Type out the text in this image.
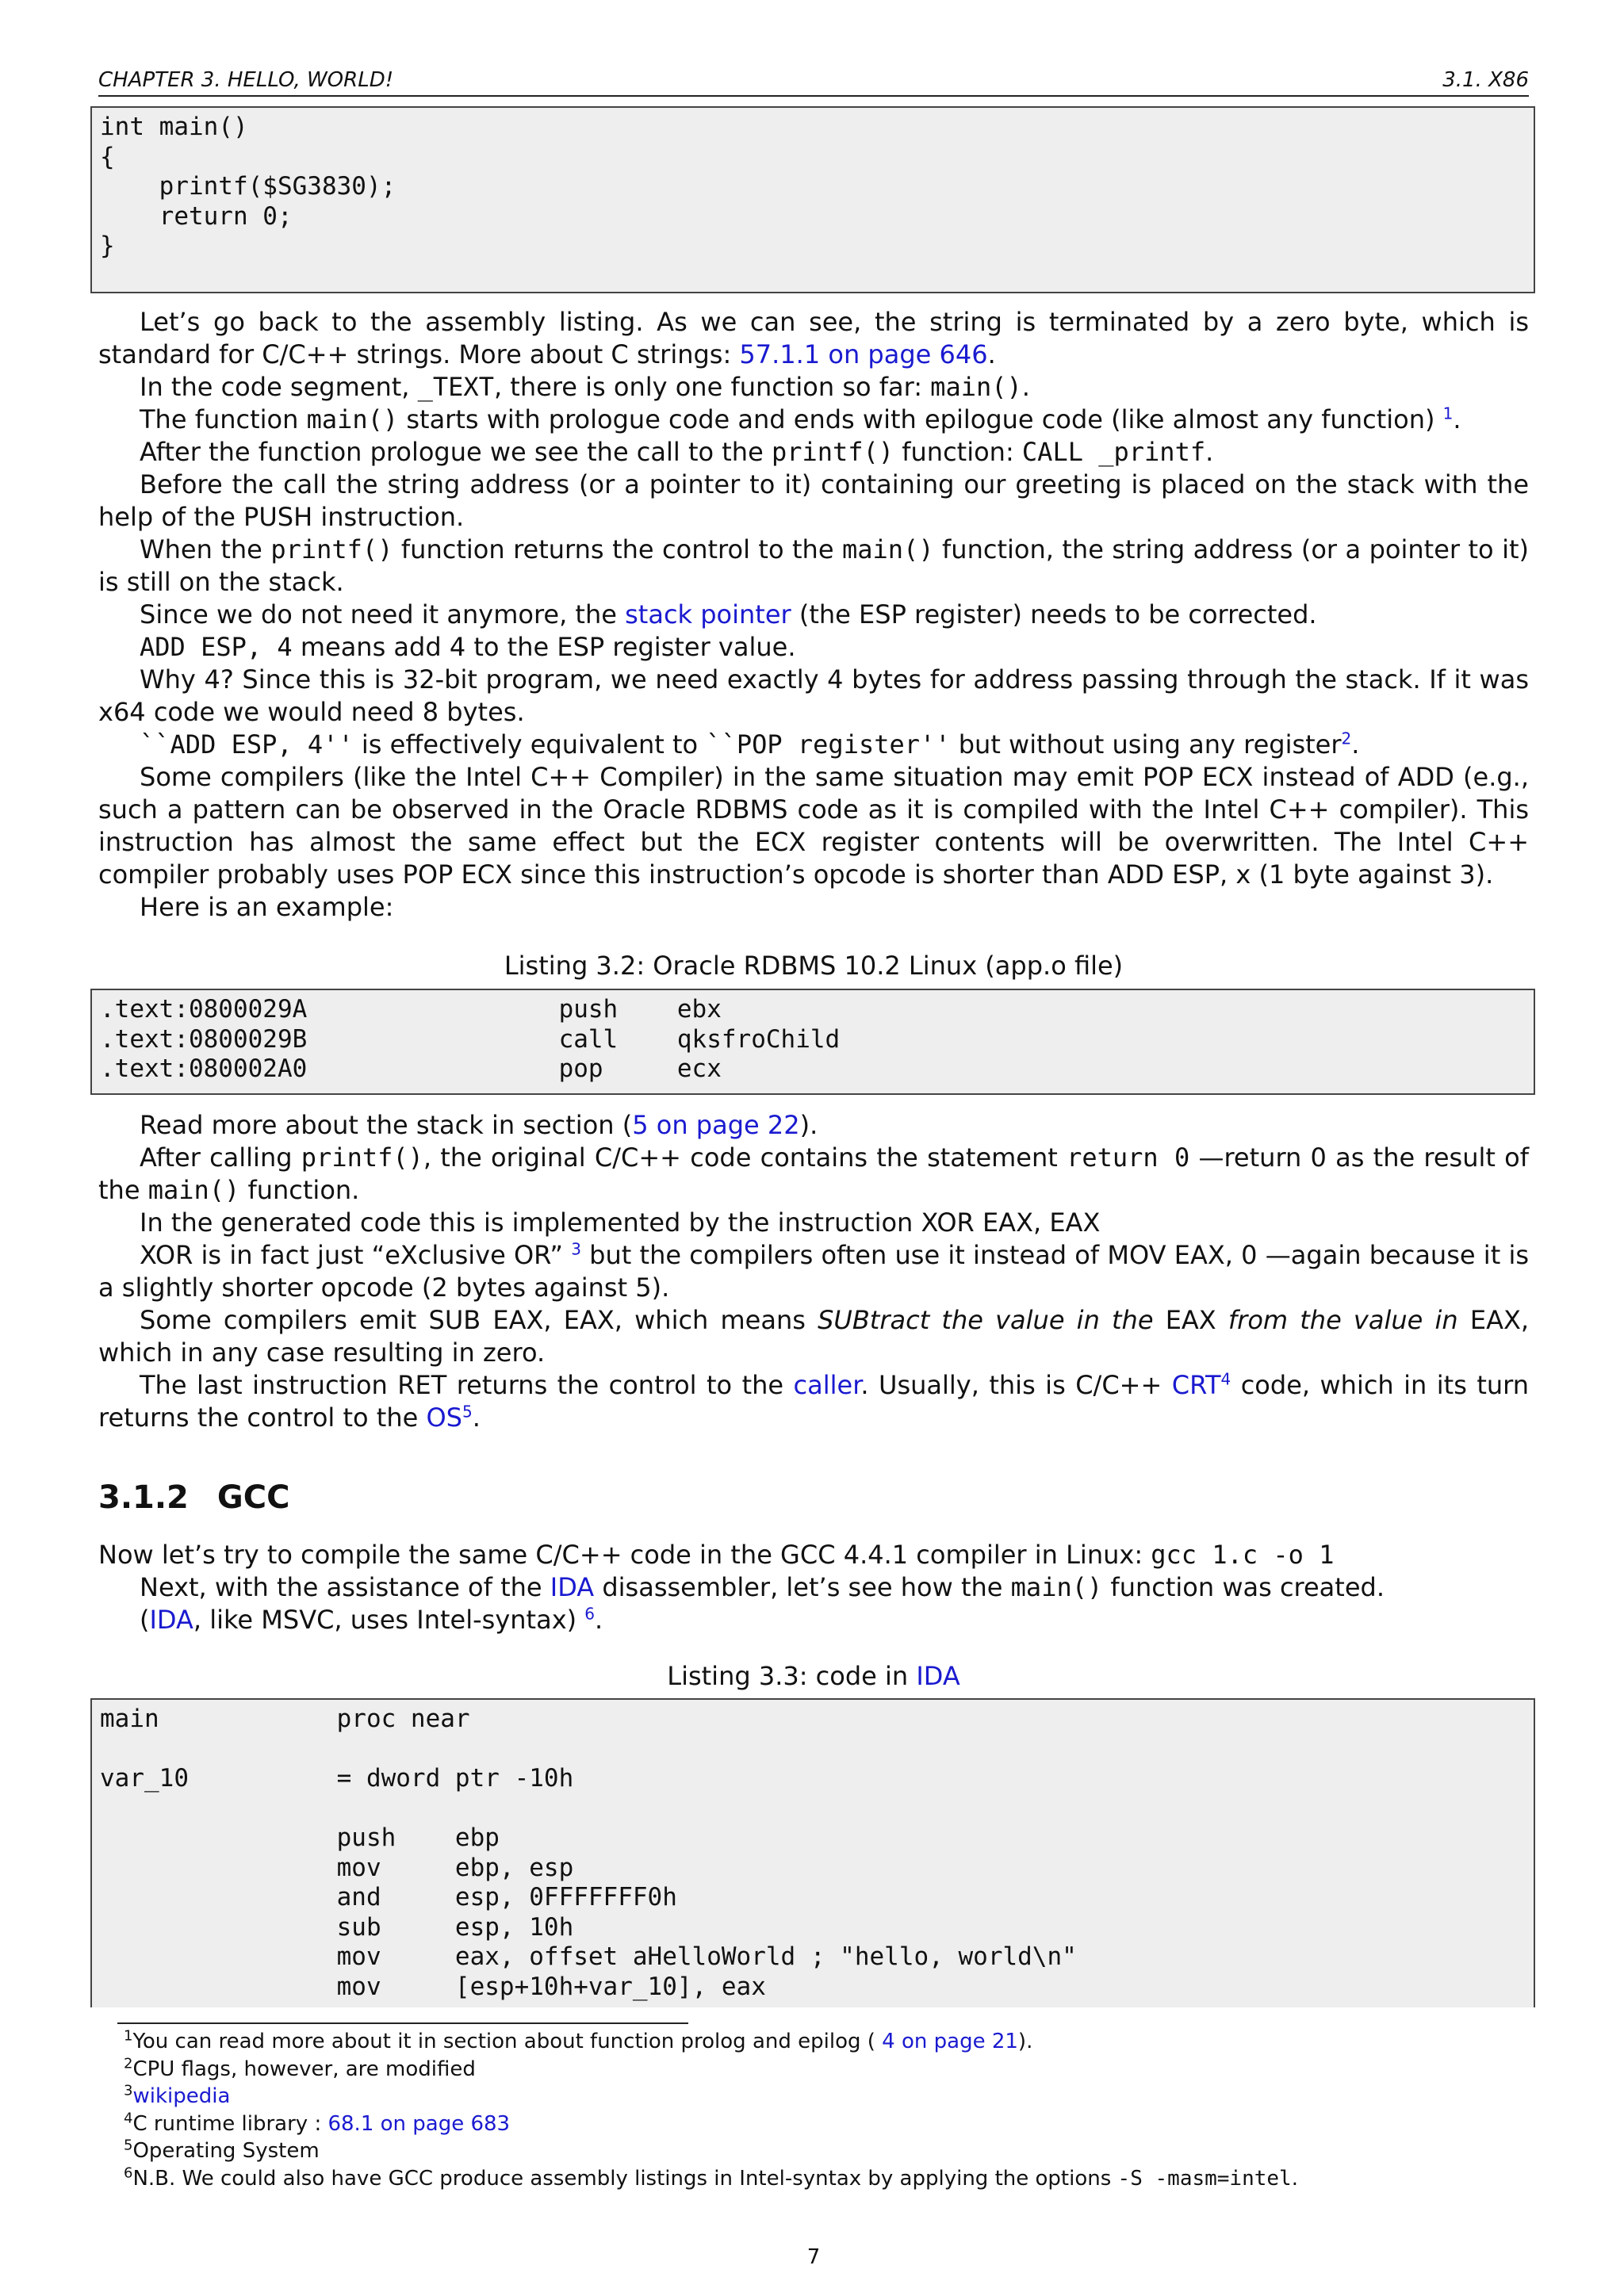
CHAPTER 3. HELLO, WORLD!	3.1. X86
int main()
{
printf($SG3830);
return 0;
}

Let’s go back to the assembly listing. As we can see, the string is terminated by a zero byte, which is standard for C/C++ strings. More about C strings: 57.1.1 on page 646.

In the code segment, _TEXT, there is only one function so far: main().

The function main() starts with prologue code and ends with epilogue code (like almost any function) $^1$.

After the function prologue we see the call to the printf() function: CALL _printf.

Before the call the string address (or a pointer to it) containing our greeting is placed on the stack with the help of the PUSH instruction.

When the printf() function returns the control to the main() function, the string address (or a pointer to it) is still on the stack.

Since we do not need it anymore, the stack pointer (the ESP register) needs to be corrected.

ADD ESP, 4 means add 4 to the ESP register value.

Why 4? Since this is 32-bit program, we need exactly 4 bytes for address passing through the stack. If it was x64 code we would need 8 bytes.

``ADD ESP, 4'' is effectively equivalent to ``POP register'' but without using any register$^2$.

Some compilers (like the Intel C++ Compiler) in the same situation may emit POP ECX instead of ADD (e.g., such a pattern can be observed in the Oracle RDBMS code as it is compiled with the Intel C++ compiler). This instruction has almost the same effect but the ECX register contents will be overwritten. The Intel C++ compiler probably uses POP ECX since this instruction’s opcode is shorter than ADD ESP, x (1 byte against 3).

Here is an example:

Listing 3.2: Oracle RDBMS 10.2 Linux (app.o file)
.text:0800029A                 push    ebx
.text:0800029B                 call    qksfroChild
.text:080002A0                 pop     ecx

Read more about the stack in section (5 on page 22).

After calling printf(), the original C/C++ code contains the statement return 0 —return 0 as the result of the main() function.

In the generated code this is implemented by the instruction XOR EAX, EAX

XOR is in fact just “eXclusive OR” $^3$ but the compilers often use it instead of MOV EAX, 0 —again because it is a slightly shorter opcode (2 bytes against 5).

Some compilers emit SUB EAX, EAX, which means SUBtract the value in the EAX from the value in EAX, which in any case resulting in zero.

The last instruction RET returns the control to the caller. Usually, this is $C/C++ CRT^4$ code, which in its turn returns the control to the $OS^5$.

3.1.2 GCC

Now let’s try to compile the same C/C++ code in the GCC 4.4.1 compiler in Linux: gcc 1.c -o 1

Next, with the assistance of the IDA disassembler, let’s see how the main() function was created.

(IDA, like MSVC, uses Intel-syntax) $^6$.

Listing 3.3: code in IDA
main            proc near

var_10          = dword ptr -10h

push    ebp
mov     ebp, esp
and     esp, 0FFFFFFF0h
sub     esp, 10h
mov     eax, offset aHelloWorld ; "hello, world\n"
mov     [esp+10h+var_10], eax
$^1$You can read more about it in section about function prolog and epilog ( 4 on page 21).
$^2$CPU flags, however, are modified
$^3$wikipedia
$^4$C runtime library : 68.1 on page 683
$^5$Operating System
$^6$N.B. We could also have GCC produce assembly listings in Intel-syntax by applying the options -S -masm=intel.
7
